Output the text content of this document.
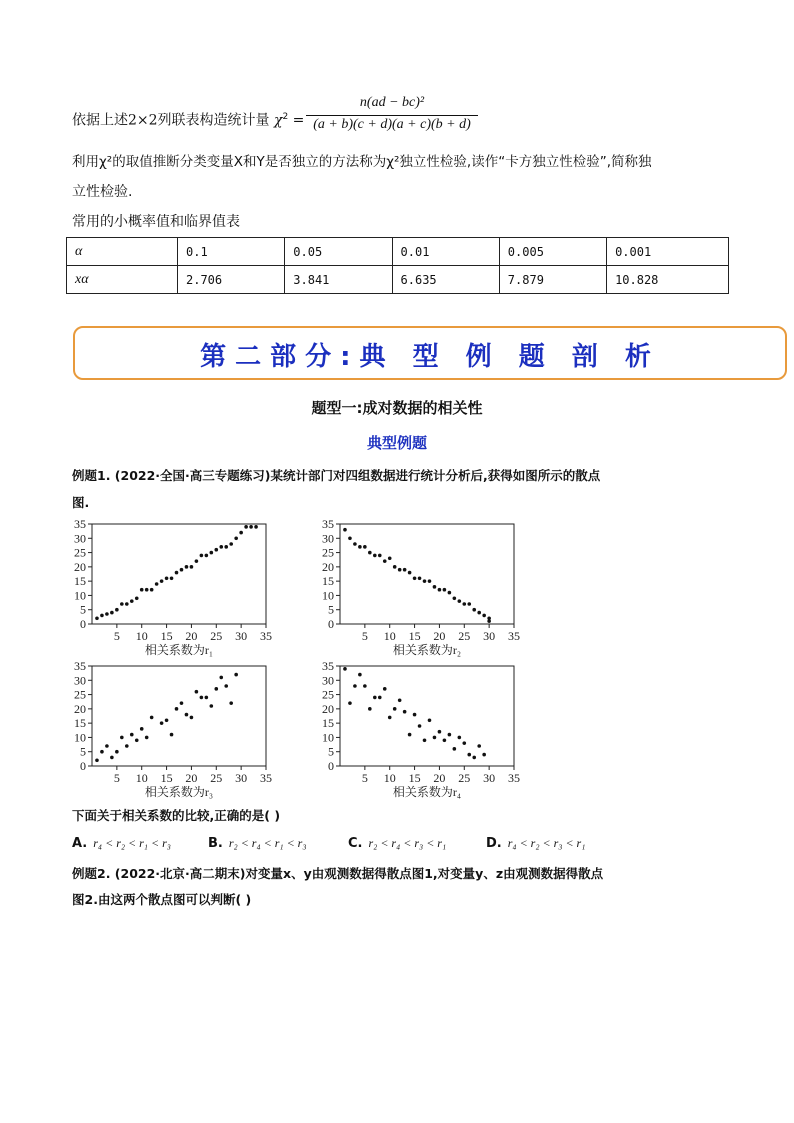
依据上述2×2列联表构造统计量 $\chi^2$ =
n(ad − bc)²
(a + b)(c + d)(a + c)(b + d)
利用χ²的取值推断分类变量X和Y是否独立的方法称为χ²独立性检验,读作“卡方独立性检验”,简称独
立性检验.
常用的小概率值和临界值表
α	0.1	0.05	0.01	0.005	0.001
xα	2.706	3.841	6.635	7.879	10.828
第二部分:典 型 例 题 剖 析
题型一:成对数据的相关性
典型例题
例题1. (2022·全国·高三专题练习)某统计部门对四组数据进行统计分析后,获得如图所示的散点
图.
0
5
10
15
20
25
30
35
5 10 15 20 25 30 35
相关系数为r₁
0
5
10
15
20
25
30
35
5 10 15 20 25 30 35
相关系数为r₂
0
5
10
15
20
25
30
35
5 10 15 20 25 30 35
相关系数为r₃
0
5
10
15
20
25
30
35
5 10 15 20 25 30 35
相关系数为r₄
下面关于相关系数的比较,正确的是( )
A. r₄ < r₂ < r₁ < r₃	B. r₂ < r₄ < r₁ < r₃	C. r₂ < r₄ < r₃ < r₁	D. r₄ < r₂ < r₃ < r₁
例题2. (2022·北京·高二期末)对变量x、y由观测数据得散点图1,对变量y、z由观测数据得散点
图2.由这两个散点图可以判断( )
